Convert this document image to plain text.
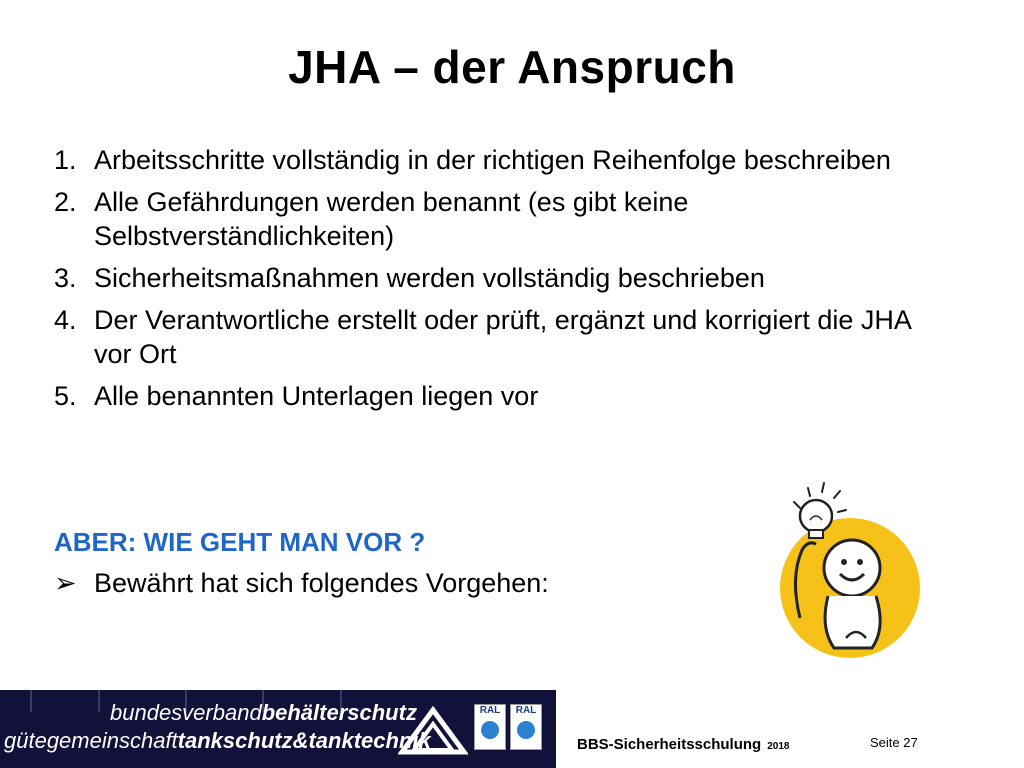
JHA – der Anspruch
1. Arbeitsschritte vollständig in der richtigen Reihenfolge beschreiben
2. Alle Gefährdungen werden benannt (es gibt keine Selbstverständlichkeiten)
3. Sicherheitsmaßnahmen werden vollständig beschrieben
4. Der Verantwortliche erstellt oder prüft, ergänzt und korrigiert die JHA vor Ort
5. Alle benannten Unterlagen liegen vor
ABER: WIE GEHT MAN VOR ?
➢ Bewährt hat sich folgendes Vorgehen:
bundesverbandbehälterschutz
gütegemeinschafttankschutz&tanktechnik
RAL	RAL
BBS-Sicherheitsschulung 2018	Seite 27
